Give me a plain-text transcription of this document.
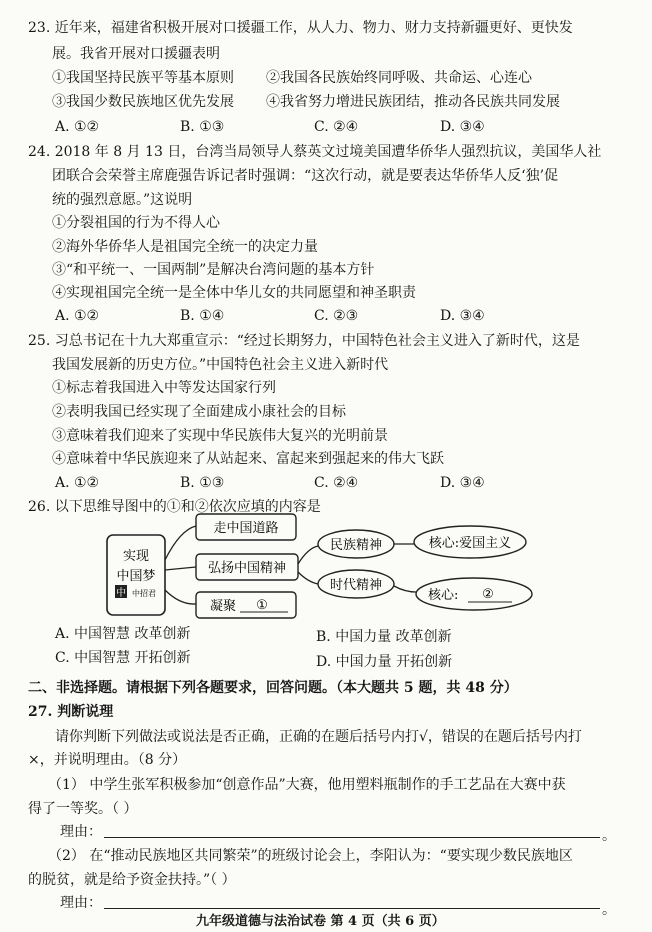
23. 近年来，福建省积极开展对口援疆工作，从人力、物力、财力支持新疆更好、更快发
展。我省开展对口援疆表明
①我国坚持民族平等基本原则 ②我国各民族始终同呼吸、共命运、心连心
③我国少数民族地区优先发展 ④我省努力增进民族团结，推动各民族共同发展
A. ①②	B. ①③	C. ②④	D. ③④
24. 2018 年 8 月 13 日，台湾当局领导人蔡英文过境美国遭华侨华人强烈抗议，美国华人社
团联合会荣誉主席鹿强告诉记者时强调：“这次行动，就是要表达华侨华人反‘独’促
统的强烈意愿。”这说明
①分裂祖国的行为不得人心
②海外华侨华人是祖国完全统一的决定力量
③“和平统一、一国两制”是解决台湾问题的基本方针
④实现祖国完全统一是全体中华儿女的共同愿望和神圣职责
A. ①②	B. ①④	C. ②③	D. ③④
25. 习总书记在十九大郑重宣示：“经过长期努力，中国特色社会主义进入了新时代，这是
我国发展新的历史方位。”中国特色社会主义进入新时代
①标志着我国进入中等发达国家行列
②表明我国已经实现了全面建成小康社会的目标
③意味着我们迎来了实现中华民族伟大复兴的光明前景
④意味着中华民族迎来了从站起来、富起来到强起来的伟大飞跃
A. ①②	B. ①③	C. ②④	D. ③④
26. 以下思维导图中的①和②依次应填的内容是
实现
中国梦
中 中招君
走中国道路
弘扬中国精神
凝聚 ①
民族精神
时代精神
核心:爱国主义
核心: ②
A. 中国智慧 改革创新	B. 中国力量 改革创新
C. 中国智慧 开拓创新	D. 中国力量 开拓创新
二、非选择题。请根据下列各题要求，回答问题。（本大题共 5 题，共 48 分）
27. 判断说理
请你判断下列做法或说法是否正确，正确的在题后括号内打√，错误的在题后括号内打
×，并说明理由。（8 分）
（1） 中学生张军积极参加“创意作品”大赛，他用塑料瓶制作的手工艺品在大赛中获
得了一等奖。（ ）
理由：	。
（2） 在“推动民族地区共同繁荣”的班级讨论会上，李阳认为：“要实现少数民族地区
的脱贫，就是给予资金扶持。”（ ）
理由：	。
九年级道德与法治试卷 第 4 页（共 6 页）
